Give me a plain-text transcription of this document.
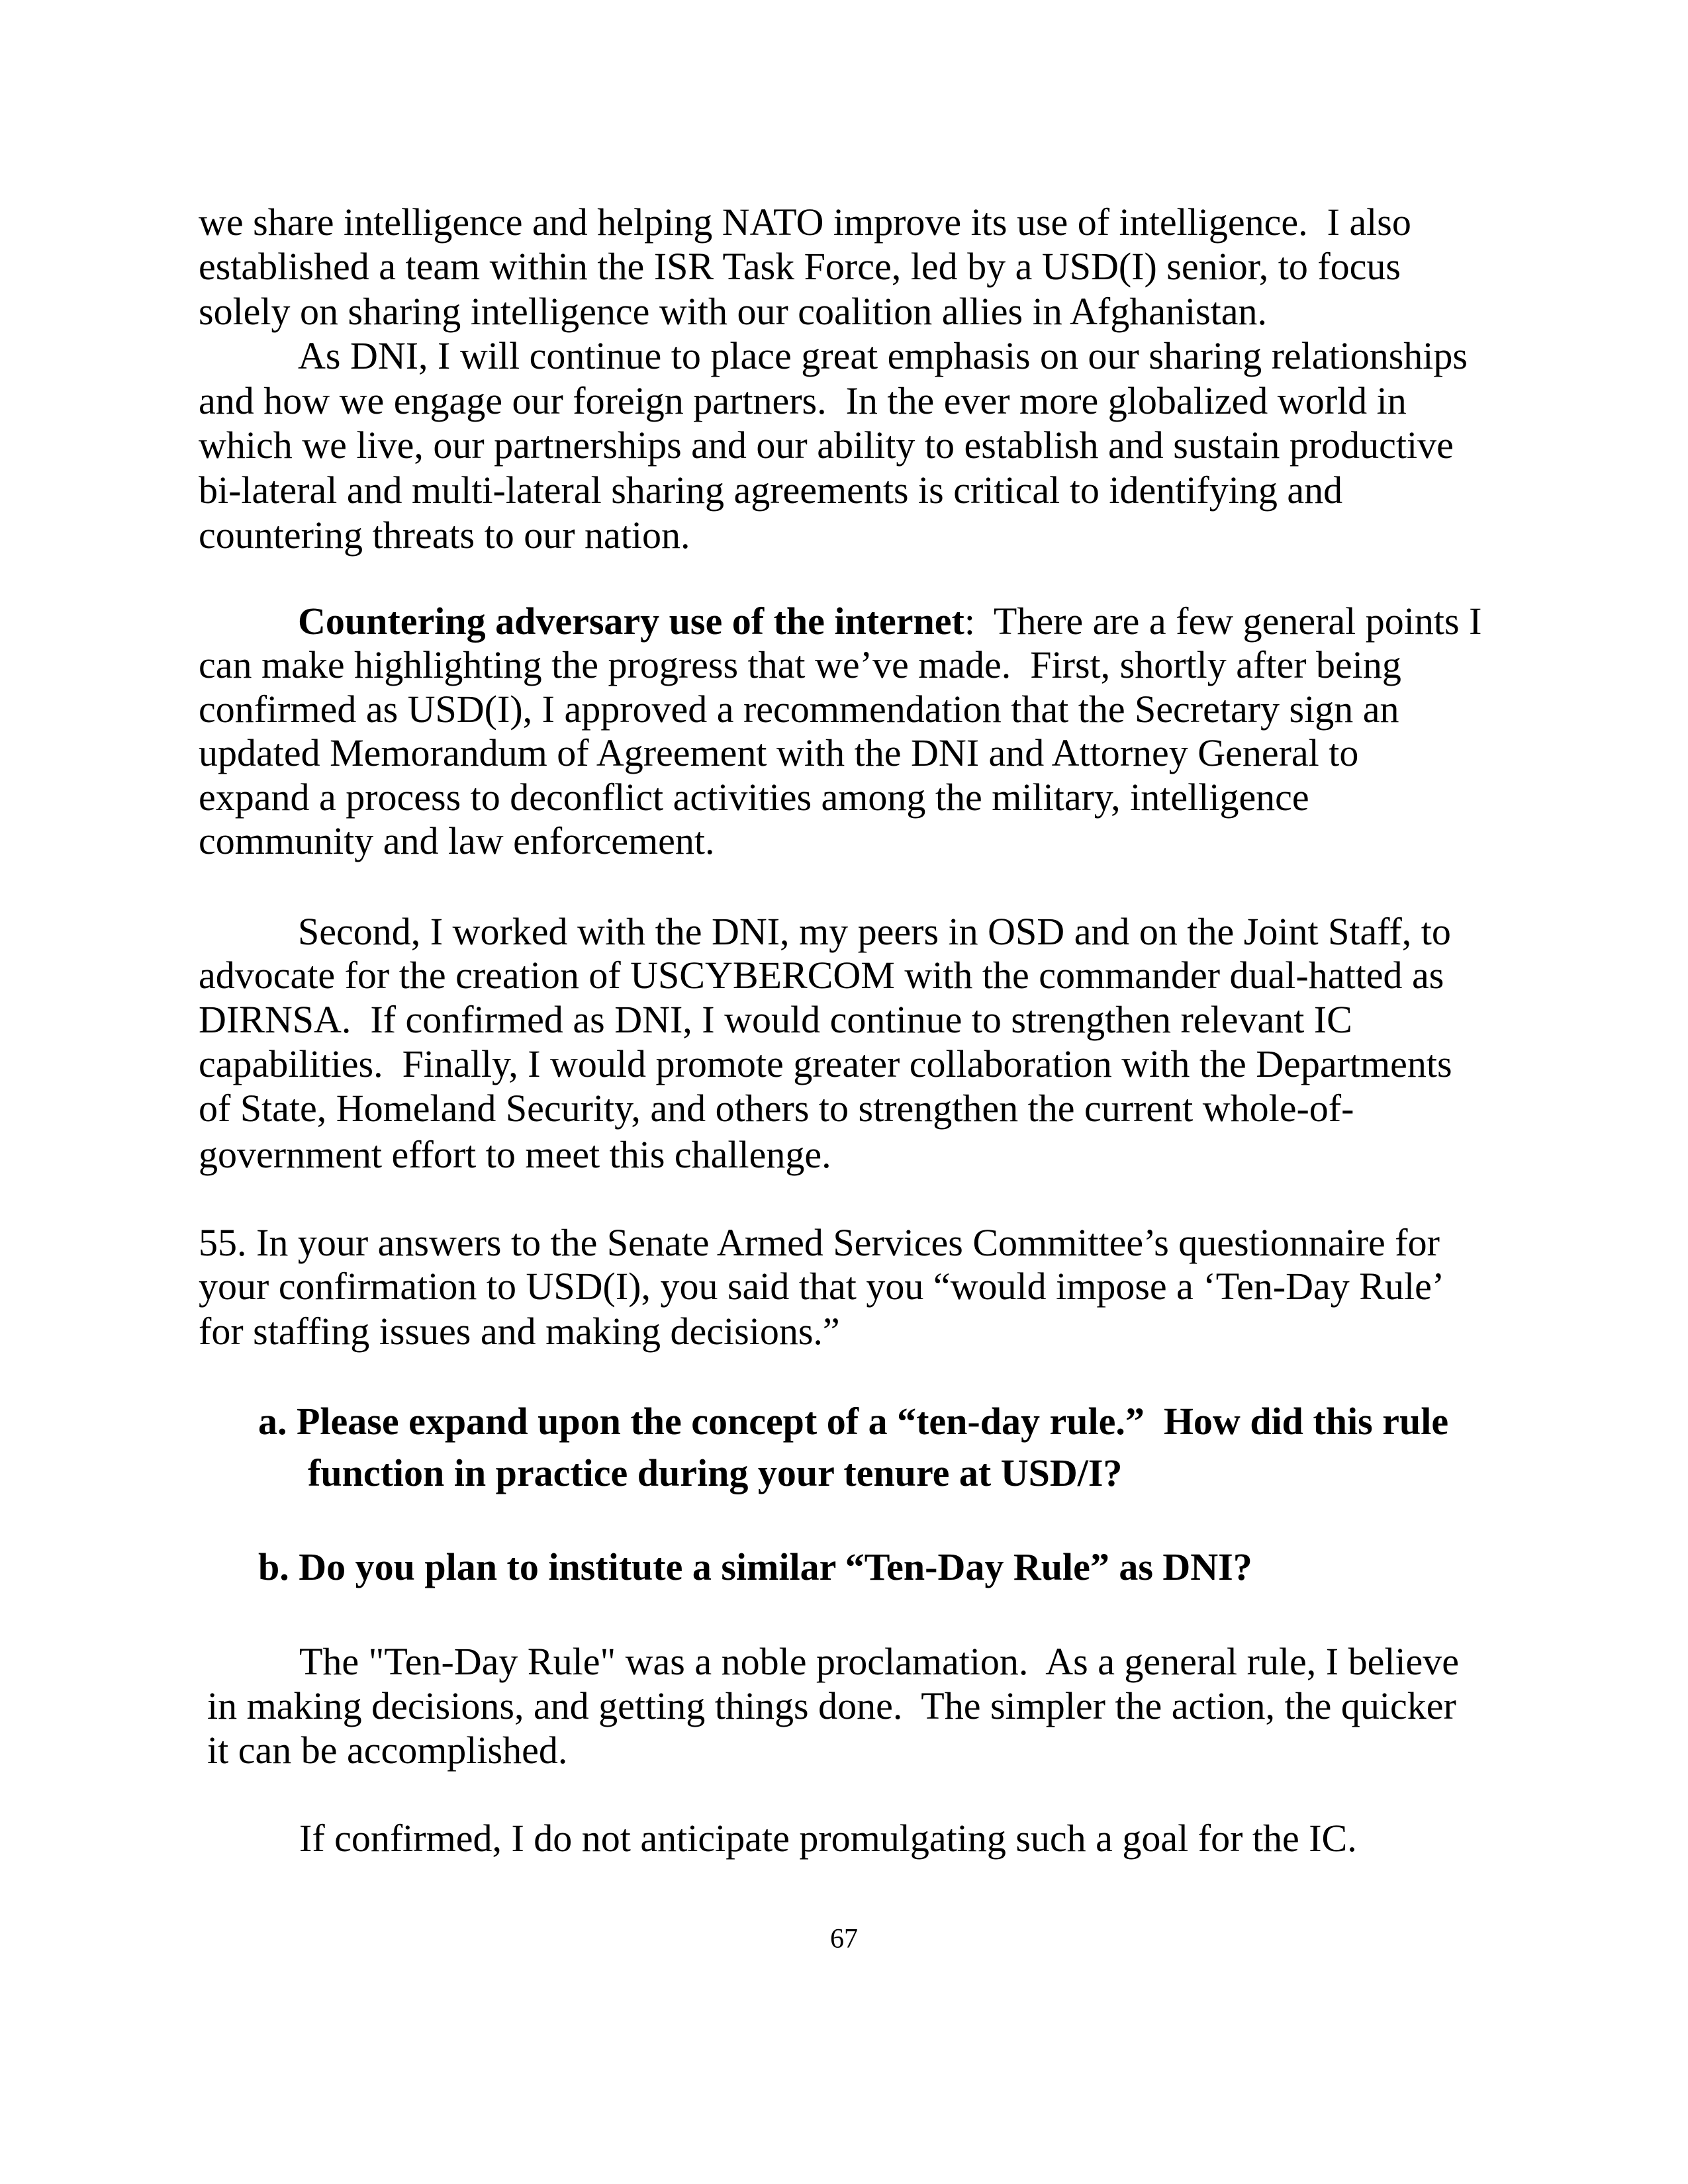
we share intelligence and helping NATO improve its use of intelligence.  I also
established a team within the ISR Task Force, led by a USD(I) senior, to focus
solely on sharing intelligence with our coalition allies in Afghanistan.
As DNI, I will continue to place great emphasis on our sharing relationships
and how we engage our foreign partners.  In the ever more globalized world in
which we live, our partnerships and our ability to establish and sustain productive
bi-lateral and multi-lateral sharing agreements is critical to identifying and
countering threats to our nation.
Countering adversary use of the internet:  There are a few general points I
can make highlighting the progress that we’ve made.  First, shortly after being
confirmed as USD(I), I approved a recommendation that the Secretary sign an
updated Memorandum of Agreement with the DNI and Attorney General to
expand a process to deconflict activities among the military, intelligence
community and law enforcement.
Second, I worked with the DNI, my peers in OSD and on the Joint Staff, to
advocate for the creation of USCYBERCOM with the commander dual-hatted as
DIRNSA.  If confirmed as DNI, I would continue to strengthen relevant IC
capabilities.  Finally, I would promote greater collaboration with the Departments
of State, Homeland Security, and others to strengthen the current whole-of-
government effort to meet this challenge.
55. In your answers to the Senate Armed Services Committee’s questionnaire for
your confirmation to USD(I), you said that you “would impose a ‘Ten-Day Rule’
for staffing issues and making decisions.”
a. Please expand upon the concept of a “ten-day rule.”  How did this rule
function in practice during your tenure at USD/I?
b. Do you plan to institute a similar “Ten-Day Rule” as DNI?
The "Ten-Day Rule" was a noble proclamation.  As a general rule, I believe
in making decisions, and getting things done.  The simpler the action, the quicker
it can be accomplished.
If confirmed, I do not anticipate promulgating such a goal for the IC.
67
